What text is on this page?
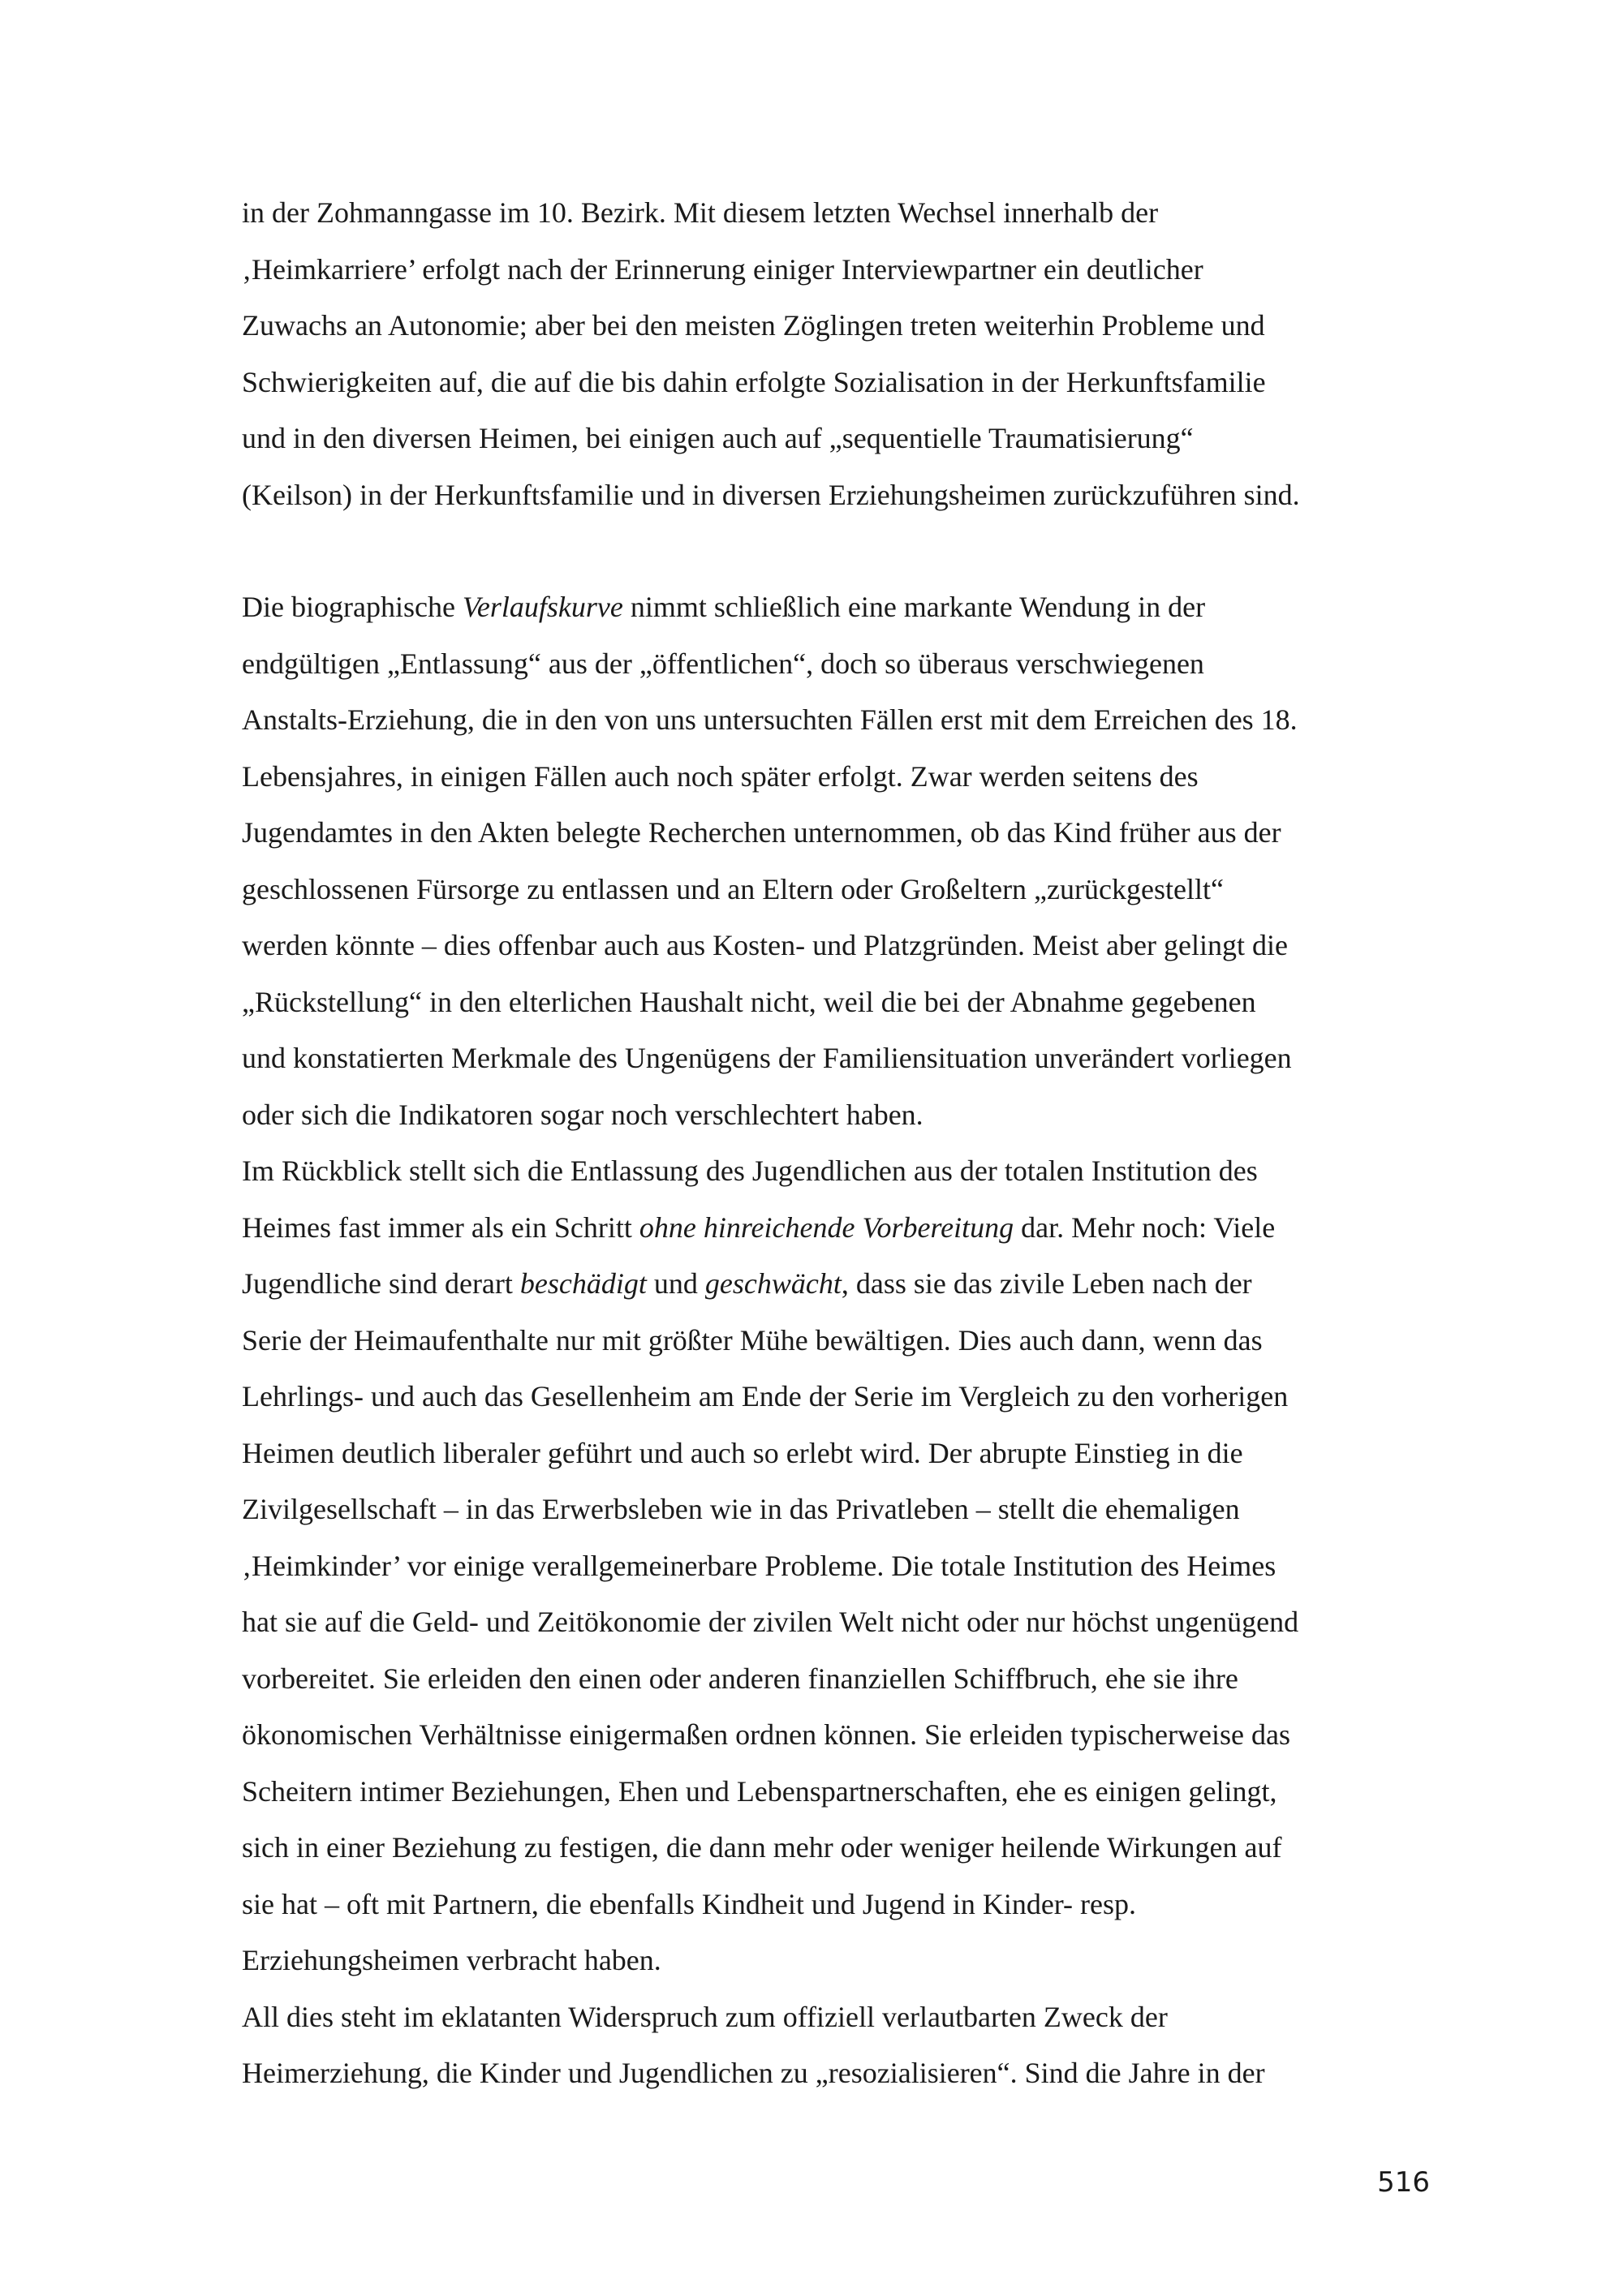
in der Zohmanngasse im 10. Bezirk. Mit diesem letzten Wechsel innerhalb der
‚Heimkarriere’ erfolgt nach der Erinnerung einiger Interviewpartner ein deutlicher
Zuwachs an Autonomie; aber bei den meisten Zöglingen treten weiterhin Probleme und
Schwierigkeiten auf, die auf die bis dahin erfolgte Sozialisation in der Herkunftsfamilie
und in den diversen Heimen, bei einigen auch auf „sequentielle Traumatisierung“
(Keilson) in der Herkunftsfamilie und in diversen Erziehungsheimen zurückzuführen sind.
Die biographische Verlaufskurve nimmt schließlich eine markante Wendung in der
endgültigen „Entlassung“ aus der „öffentlichen“, doch so überaus verschwiegenen
Anstalts-Erziehung, die in den von uns untersuchten Fällen erst mit dem Erreichen des 18.
Lebensjahres, in einigen Fällen auch noch später erfolgt. Zwar werden seitens des
Jugendamtes in den Akten belegte Recherchen unternommen, ob das Kind früher aus der
geschlossenen Fürsorge zu entlassen und an Eltern oder Großeltern „zurückgestellt“
werden könnte – dies offenbar auch aus Kosten- und Platzgründen. Meist aber gelingt die
„Rückstellung“ in den elterlichen Haushalt nicht, weil die bei der Abnahme gegebenen
und konstatierten Merkmale des Ungenügens der Familiensituation unverändert vorliegen
oder sich die Indikatoren sogar noch verschlechtert haben.
Im Rückblick stellt sich die Entlassung des Jugendlichen aus der totalen Institution des
Heimes fast immer als ein Schritt ohne hinreichende Vorbereitung dar. Mehr noch: Viele
Jugendliche sind derart beschädigt und geschwächt, dass sie das zivile Leben nach der
Serie der Heimaufenthalte nur mit größter Mühe bewältigen. Dies auch dann, wenn das
Lehrlings- und auch das Gesellenheim am Ende der Serie im Vergleich zu den vorherigen
Heimen deutlich liberaler geführt und auch so erlebt wird. Der abrupte Einstieg in die
Zivilgesellschaft – in das Erwerbsleben wie in das Privatleben – stellt die ehemaligen
‚Heimkinder’ vor einige verallgemeinerbare Probleme. Die totale Institution des Heimes
hat sie auf die Geld- und Zeitökonomie der zivilen Welt nicht oder nur höchst ungenügend
vorbereitet. Sie erleiden den einen oder anderen finanziellen Schiffbruch, ehe sie ihre
ökonomischen Verhältnisse einigermaßen ordnen können. Sie erleiden typischerweise das
Scheitern intimer Beziehungen, Ehen und Lebenspartnerschaften, ehe es einigen gelingt,
sich in einer Beziehung zu festigen, die dann mehr oder weniger heilende Wirkungen auf
sie hat – oft mit Partnern, die ebenfalls Kindheit und Jugend in Kinder- resp.
Erziehungsheimen verbracht haben.
All dies steht im eklatanten Widerspruch zum offiziell verlautbarten Zweck der
Heimerziehung, die Kinder und Jugendlichen zu „resozialisieren“. Sind die Jahre in der
516
